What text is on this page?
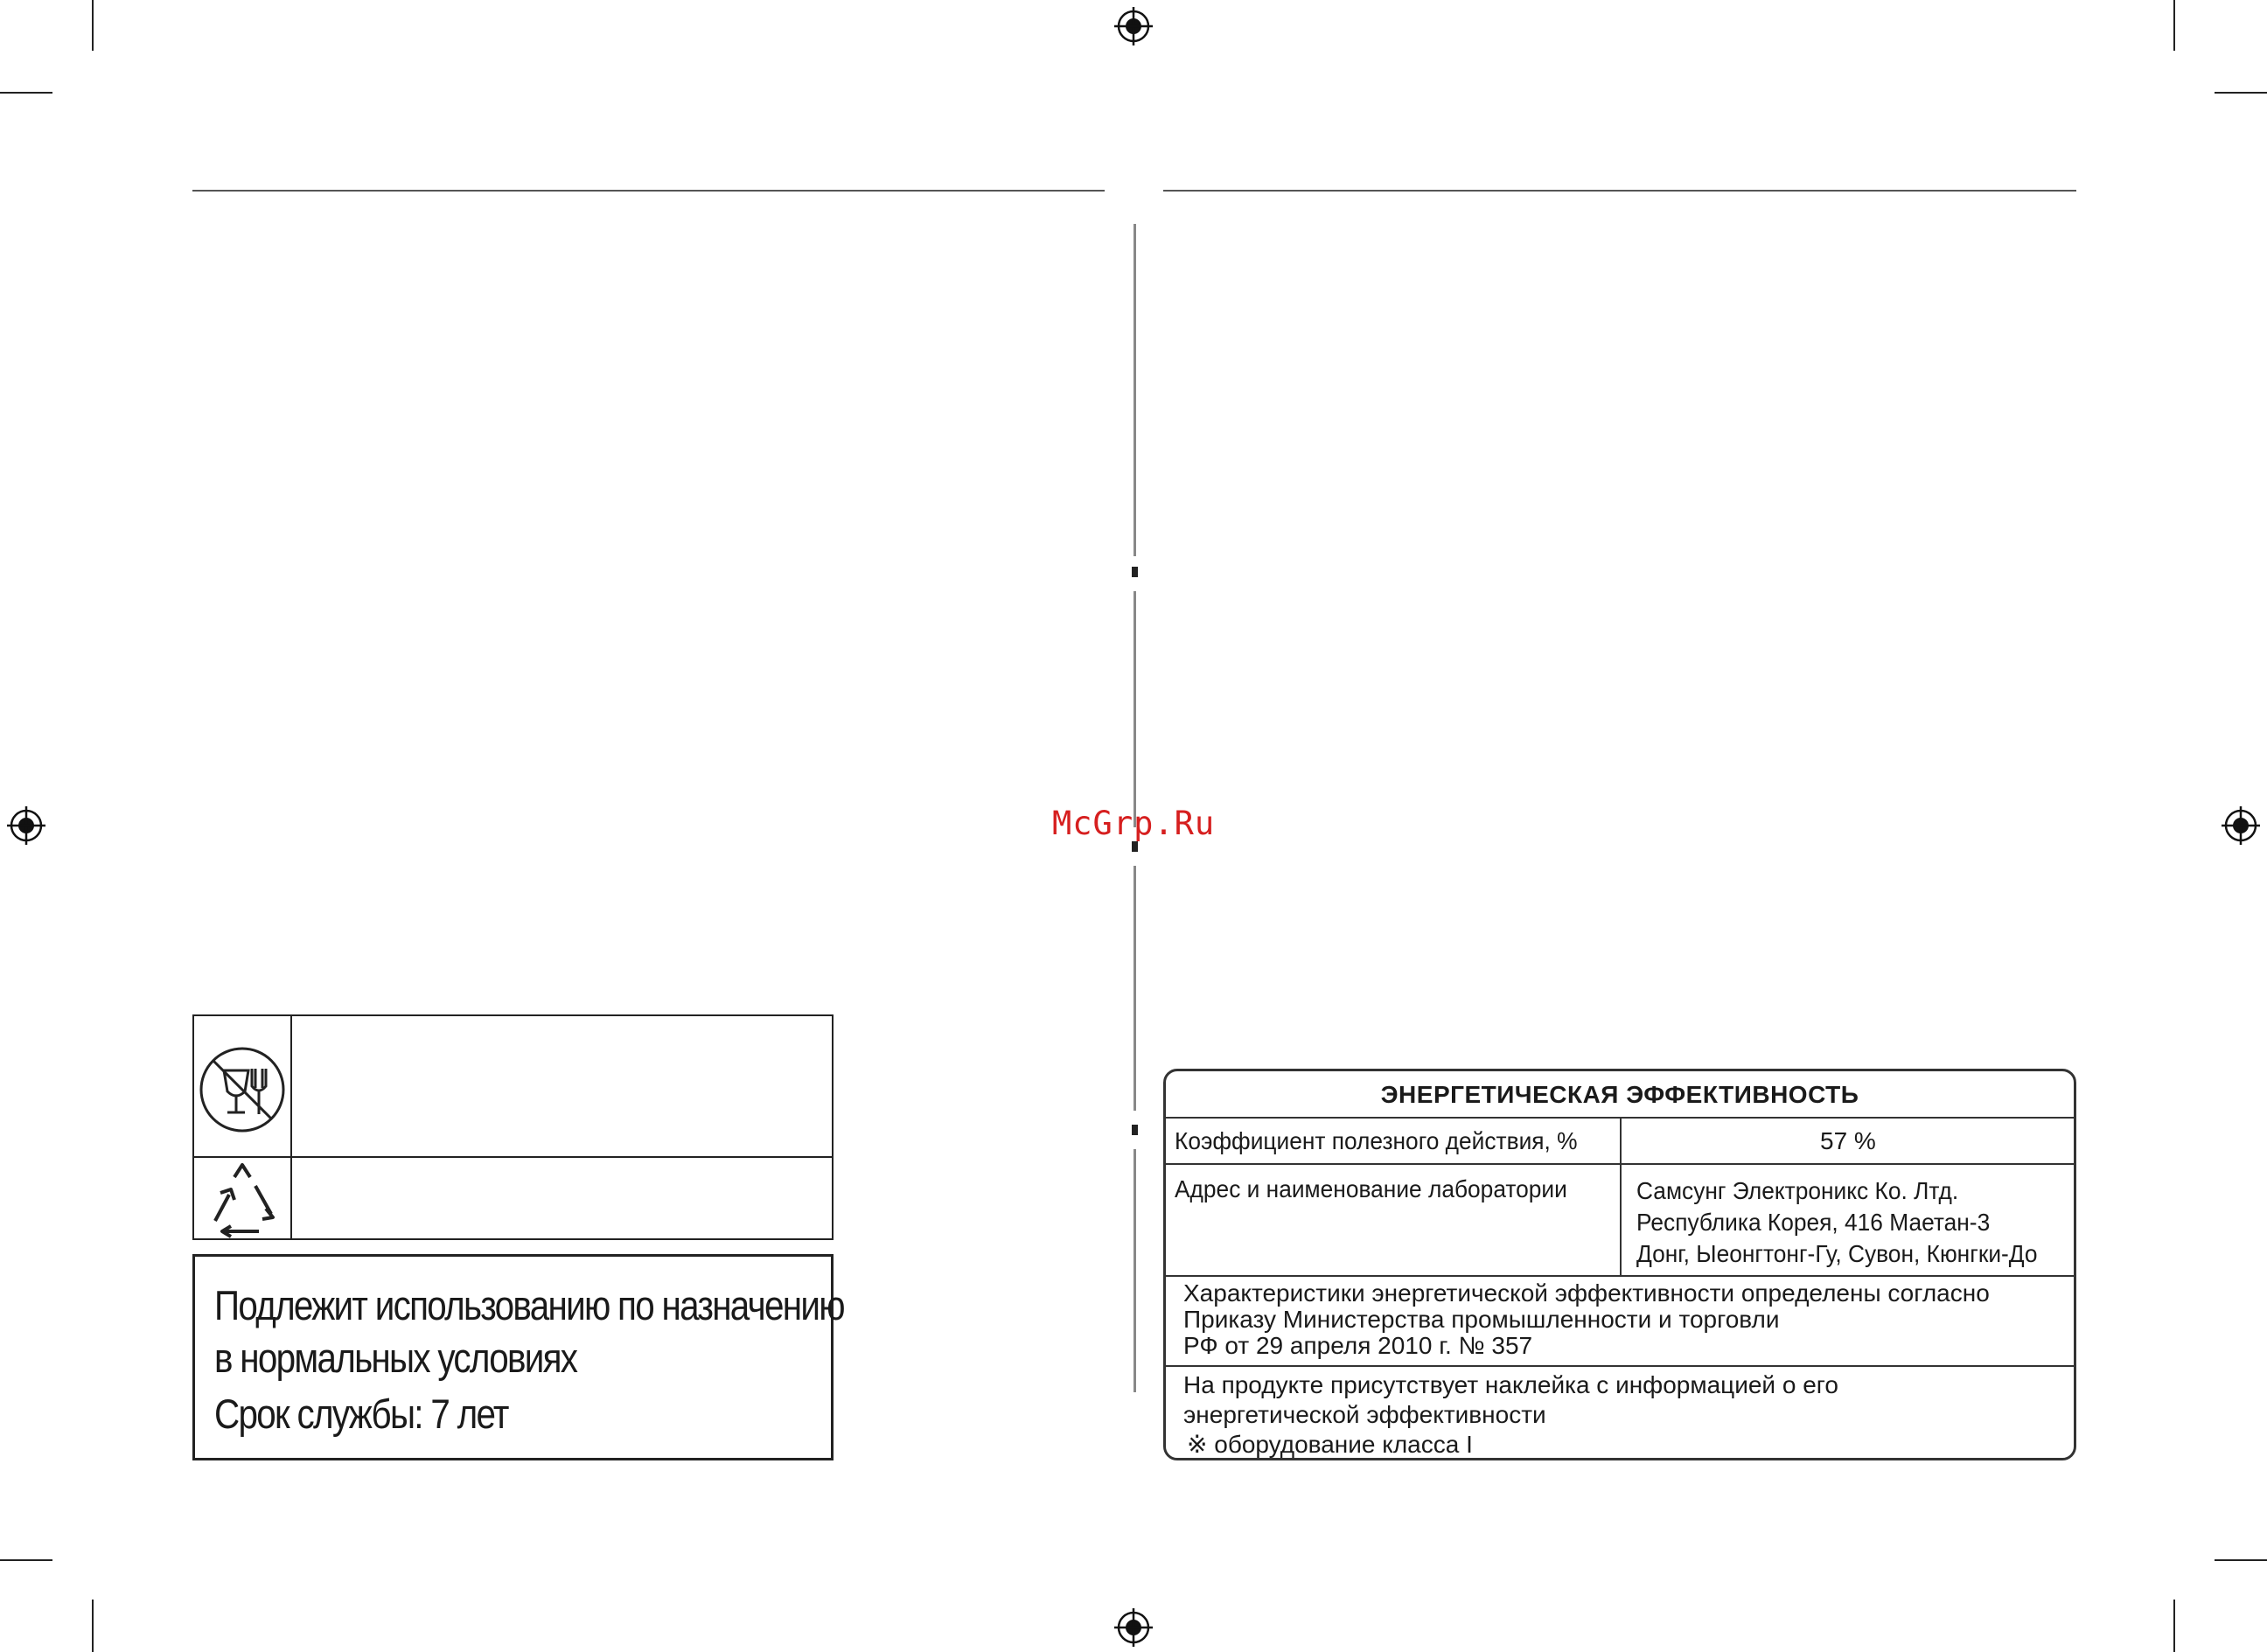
McGrp.Ru
Подлежит использованию по назначению
в нормальных условиях
Срок службы: 7 лет
ЭНЕРГЕТИЧЕСКАЯ ЭФФЕКТИВНОСТЬ
Коэффициент полезного действия, %	57 %
Адрес и наименование лаборатории	Самсунг Электроникс Ко. Лтд.
Республика Корея, 416 Маетан-3
Донг, Ыеонгтонг-Гу, Сувон, Кюнгки-До
Характеристики энергетической эффективности определены согласно
Приказу Министерства промышленности и торговли
РФ от 29 апреля 2010 г. № 357
На продукте присутствует наклейка с информацией о его
энергетической эффективности
※ оборудование класса I
